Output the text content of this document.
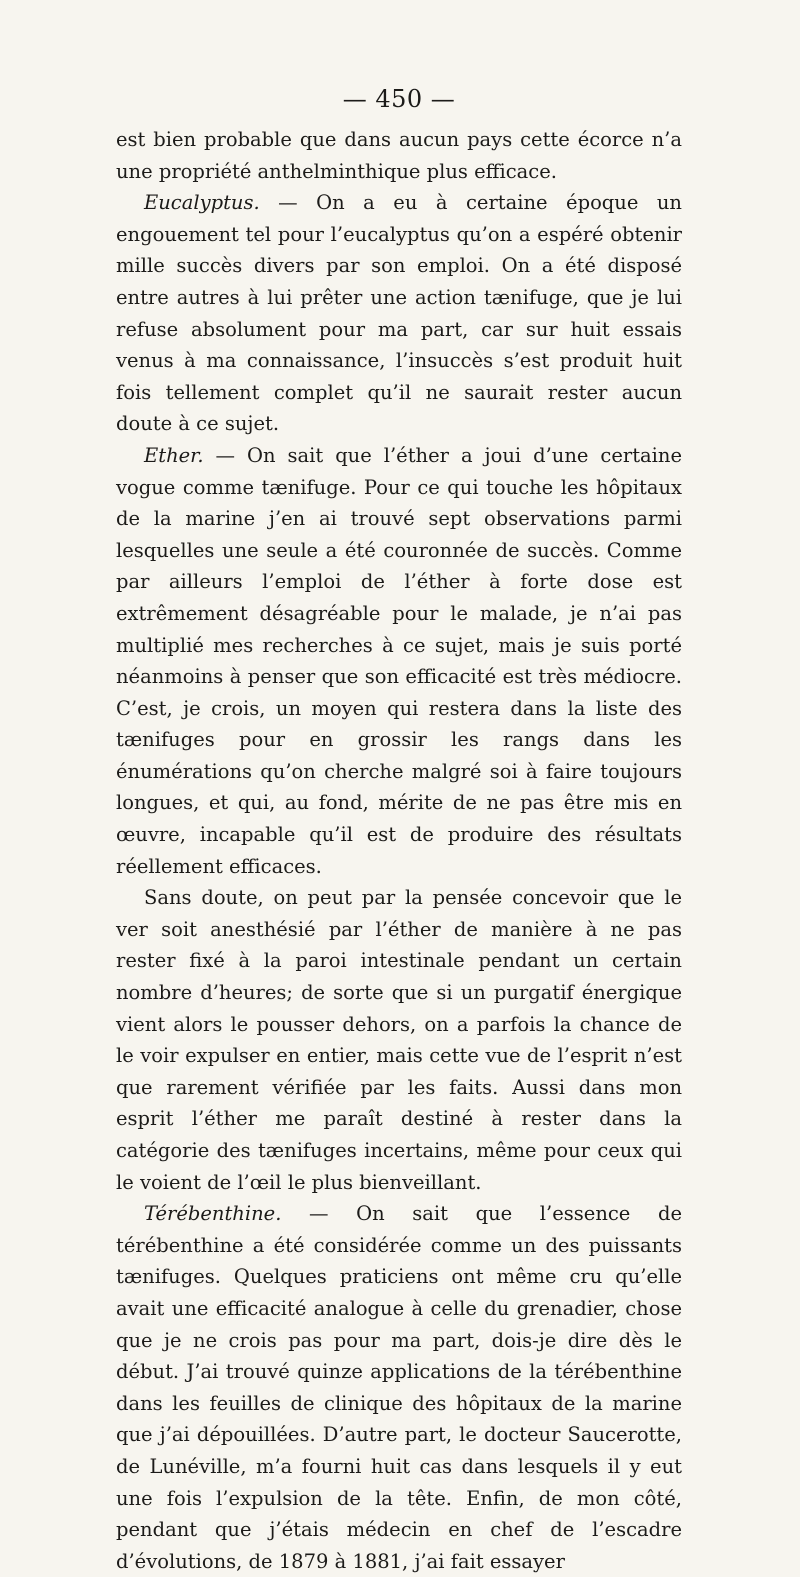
— 450 —

est bien probable que dans aucun pays cette écorce n’a une propriété anthelminthique plus efficace.

Eucalyptus. — On a eu à certaine époque un engouement tel pour l’eucalyptus qu’on a espéré obtenir mille succès divers par son emploi. On a été disposé entre autres à lui prêter une action tænifuge, que je lui refuse absolument pour ma part, car sur huit essais venus à ma connaissance, l’insuccès s’est produit huit fois tellement complet qu’il ne saurait rester aucun doute à ce sujet.

Ether. — On sait que l’éther a joui d’une certaine vogue comme tænifuge. Pour ce qui touche les hôpitaux de la marine j’en ai trouvé sept observations parmi lesquelles une seule a été couronnée de succès. Comme par ailleurs l’emploi de l’éther à forte dose est extrêmement désagréable pour le malade, je n’ai pas multiplié mes recherches à ce sujet, mais je suis porté néanmoins à penser que son efficacité est très médiocre. C’est, je crois, un moyen qui restera dans la liste des tænifuges pour en grossir les rangs dans les énumérations qu’on cherche malgré soi à faire toujours longues, et qui, au fond, mérite de ne pas être mis en œuvre, incapable qu’il est de produire des résultats réellement efficaces.

Sans doute, on peut par la pensée concevoir que le ver soit anesthésié par l’éther de manière à ne pas rester fixé à la paroi intestinale pendant un certain nombre d’heures; de sorte que si un purgatif énergique vient alors le pousser dehors, on a parfois la chance de le voir expulser en entier, mais cette vue de l’esprit n’est que rarement vérifiée par les faits. Aussi dans mon esprit l’éther me paraît destiné à rester dans la catégorie des tænifuges incertains, même pour ceux qui le voient de l’œil le plus bienveillant.

Térébenthine. — On sait que l’essence de térébenthine a été considérée comme un des puissants tænifuges. Quelques praticiens ont même cru qu’elle avait une efficacité analogue à celle du grenadier, chose que je ne crois pas pour ma part, dois-je dire dès le début. J’ai trouvé quinze applications de la térébenthine dans les feuilles de clinique des hôpitaux de la marine que j’ai dépouillées. D’autre part, le docteur Saucerotte, de Lunéville, m’a fourni huit cas dans lesquels il y eut une fois l’expulsion de la tête. Enfin, de mon côté, pendant que j’étais médecin en chef de l’escadre d’évolutions, de 1879 à 1881, j’ai fait essayer
